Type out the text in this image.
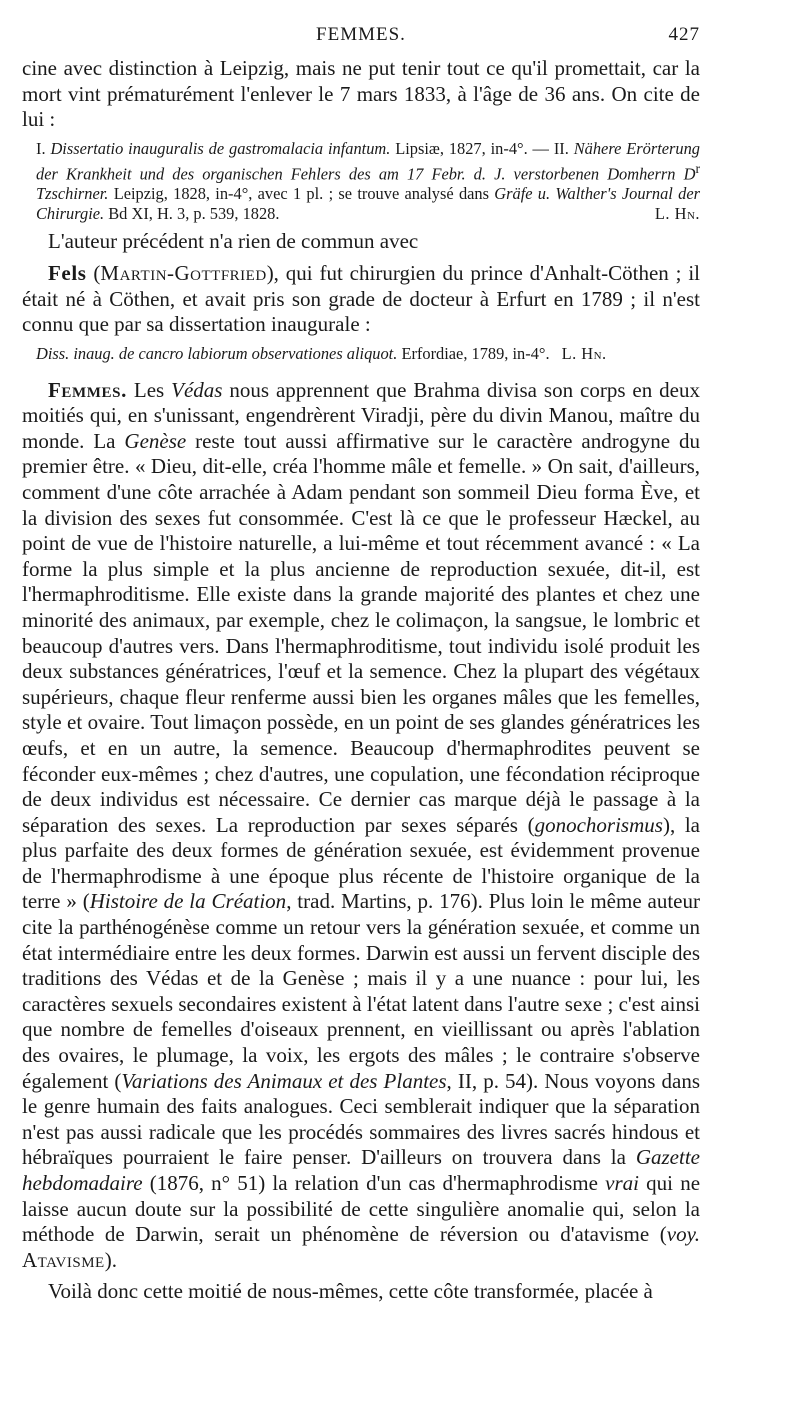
FEMMES.	427

cine avec distinction à Leipzig, mais ne put tenir tout ce qu'il promettait, car la mort vint prématurément l'enlever le 7 mars 1833, à l'âge de 36 ans. On cite de lui :

I. Dissertatio inauguralis de gastromalacia infantum. Lipsiæ, 1827, in-4°. — II. Nähere Erörterung der Krankheit und des organischen Fehlers des am 17 Febr. d. J. verstorbenen Domherrn $D^r$ Tzschirner. Leipzig, 1828, in-4°, avec 1 pl. ; se trouve analysé dans Gräfe u. Walther's Journal der Chirurgie. Bd XI, H. 3, p. 539, 1828.	L. Hn.

L'auteur précédent n'a rien de commun avec

Fels (Martin-Gottfried), qui fut chirurgien du prince d'Anhalt-Cöthen ; il était né à Cöthen, et avait pris son grade de docteur à Erfurt en 1789 ; il n'est connu que par sa dissertation inaugurale :

Diss. inaug. de cancro labiorum observationes aliquot. Erfordiae, 1789, in-4°. L. Hn.

Femmes. Les Védas nous apprennent que Brahma divisa son corps en deux moitiés qui, en s'unissant, engendrèrent Viradji, père du divin Manou, maître du monde. La Genèse reste tout aussi affirmative sur le caractère androgyne du premier être. « Dieu, dit-elle, créa l'homme mâle et femelle. » On sait, d'ailleurs, comment d'une côte arrachée à Adam pendant son sommeil Dieu forma Ève, et la division des sexes fut consommée. C'est là ce que le professeur Hæckel, au point de vue de l'histoire naturelle, a lui-même et tout récemment avancé : « La forme la plus simple et la plus ancienne de reproduction sexuée, dit-il, est l'hermaphroditisme. Elle existe dans la grande majorité des plantes et chez une minorité des animaux, par exemple, chez le colimaçon, la sangsue, le lombric et beaucoup d'autres vers. Dans l'hermaphroditisme, tout individu isolé produit les deux substances génératrices, l'œuf et la semence. Chez la plupart des végétaux supérieurs, chaque fleur renferme aussi bien les organes mâles que les femelles, style et ovaire. Tout limaçon possède, en un point de ses glandes génératrices les œufs, et en un autre, la semence. Beaucoup d'hermaphrodites peuvent se féconder eux-mêmes ; chez d'autres, une copulation, une fécondation réciproque de deux individus est nécessaire. Ce dernier cas marque déjà le passage à la séparation des sexes. La reproduction par sexes séparés (gonochorismus), la plus parfaite des deux formes de génération sexuée, est évidemment provenue de l'hermaphrodisme à une époque plus récente de l'histoire organique de la terre » (Histoire de la Création, trad. Martins, p. 176). Plus loin le même auteur cite la parthénogénèse comme un retour vers la génération sexuée, et comme un état intermédiaire entre les deux formes. Darwin est aussi un fervent disciple des traditions des Védas et de la Genèse ; mais il y a une nuance : pour lui, les caractères sexuels secondaires existent à l'état latent dans l'autre sexe ; c'est ainsi que nombre de femelles d'oiseaux prennent, en vieillissant ou après l'ablation des ovaires, le plumage, la voix, les ergots des mâles ; le contraire s'observe également (Variations des Animaux et des Plantes, II, p. 54). Nous voyons dans le genre humain des faits analogues. Ceci semblerait indiquer que la séparation n'est pas aussi radicale que les procédés sommaires des livres sacrés hindous et hébraïques pourraient le faire penser. D'ailleurs on trouvera dans la Gazette hebdomadaire (1876, n° 51) la relation d'un cas d'hermaphrodisme vrai qui ne laisse aucun doute sur la possibilité de cette singulière anomalie qui, selon la méthode de Darwin, serait un phénomène de réversion ou d'atavisme (voy. Atavisme).

Voilà donc cette moitié de nous-mêmes, cette côte transformée, placée à
